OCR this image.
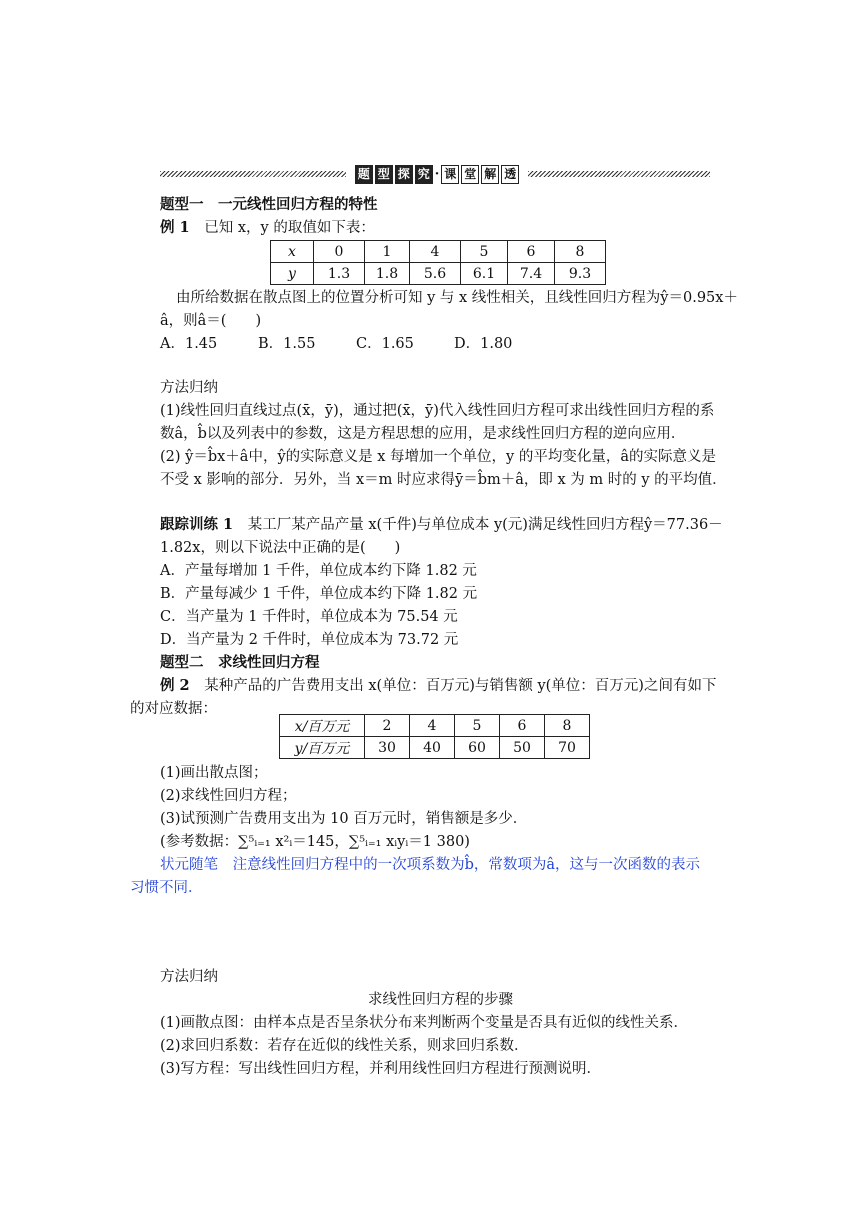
题 型 探 究 · 课 堂 解 透
题型一　一元线性回归方程的特性
例 1 已知 x，y 的取值如下表：
x	0	1	4	5	6	8
y	1.3	1.8	5.6	6.1	7.4	9.3
由所给数据在散点图上的位置分析可知 y 与 x 线性相关，且线性回归方程为ŷ＝0.95x＋
â，则â＝(　　)
A．1.45	B．1.55	C．1.65	D．1.80
方法归纳
(1)线性回归直线过点(x̄，ȳ)，通过把(x̄，ȳ)代入线性回归方程可求出线性回归方程的系
数â，b̂以及列表中的参数，这是方程思想的应用，是求线性回归方程的逆向应用．
(2) ŷ＝b̂x＋â中，ŷ的实际意义是 x 每增加一个单位，y 的平均变化量，â的实际意义是
不受 x 影响的部分．另外，当 x＝m 时应求得ȳ＝b̂m＋â，即 x 为 m 时的 y 的平均值．
跟踪训练 1 某工厂某产品产量 x(千件)与单位成本 y(元)满足线性回归方程ŷ＝77.36－
1.82x，则以下说法中正确的是(　　)
A．产量每增加 1 千件，单位成本约下降 1.82 元
B．产量每减少 1 千件，单位成本约下降 1.82 元
C．当产量为 1 千件时，单位成本为 75.54 元
D．当产量为 2 千件时，单位成本为 73.72 元
题型二　求线性回归方程
例 2 某种产品的广告费用支出 x(单位：百万元)与销售额 y(单位：百万元)之间有如下
的对应数据：
x/百万元	2	4	5	6	8
y/百万元	30	40	60	50	70
(1)画出散点图；
(2)求线性回归方程；
(3)试预测广告费用支出为 10 百万元时，销售额是多少．
(参考数据：∑⁵ᵢ₌₁ x²ᵢ＝145，∑⁵ᵢ₌₁ xᵢyᵢ＝1 380)
状元随笔 注意线性回归方程中的一次项系数为b̂，常数项为â，这与一次函数的表示
习惯不同．
方法归纳
求线性回归方程的步骤
(1)画散点图：由样本点是否呈条状分布来判断两个变量是否具有近似的线性关系．
(2)求回归系数：若存在近似的线性关系，则求回归系数．
(3)写方程：写出线性回归方程，并利用线性回归方程进行预测说明．
